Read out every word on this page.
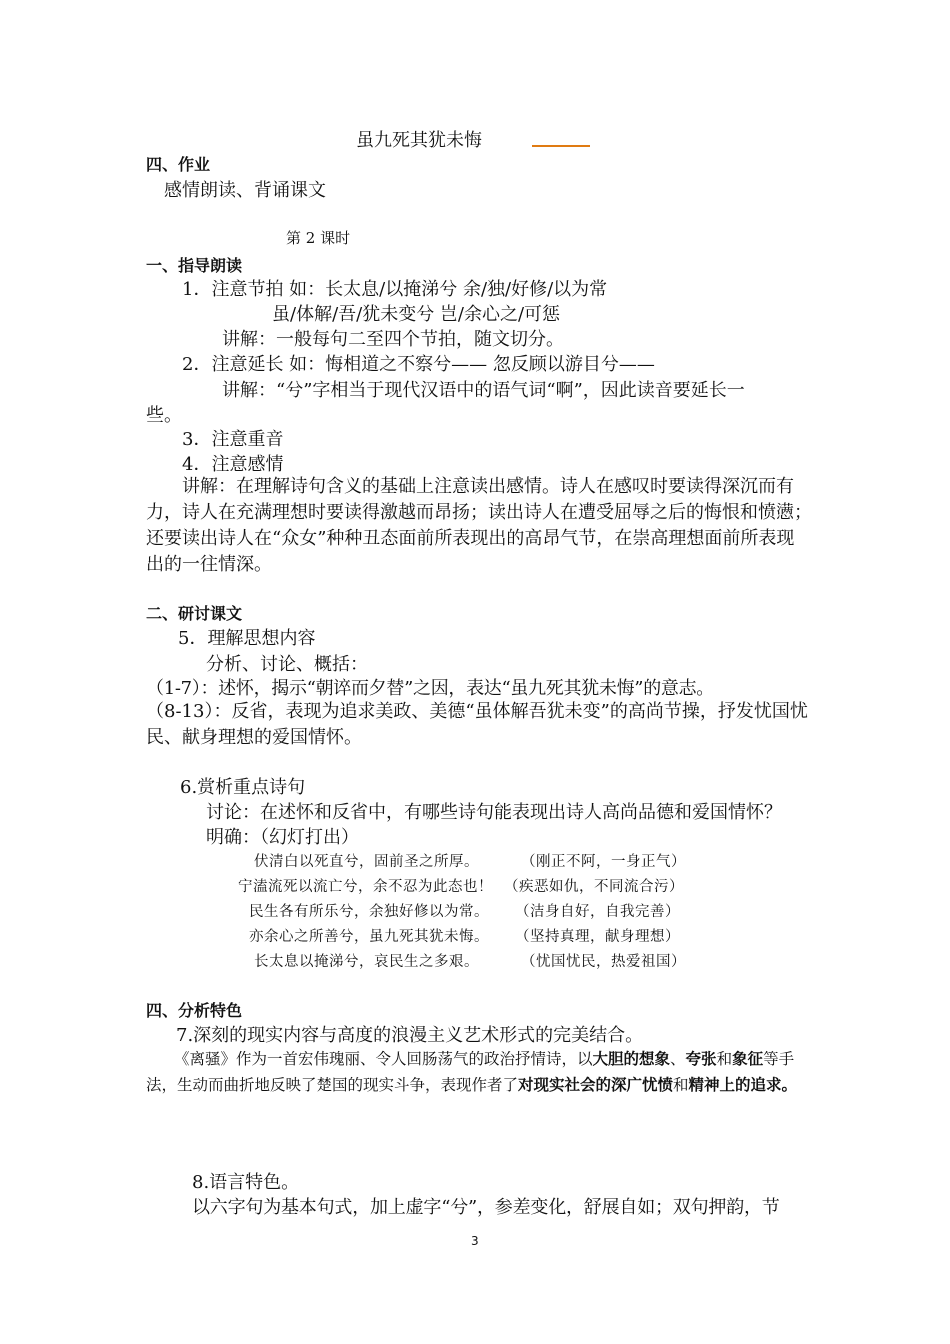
虽九死其犹未悔
四、作业
感情朗读、背诵课文
第 2 课时
一、指导朗读
1．注意节拍 如：长太息/以掩涕兮 余/独/好修/以为常
虽/体解/吾/犹未变兮 岂/余心之/可惩
讲解：一般每句二至四个节拍，随文切分。
2．注意延长 如：悔相道之不察兮—— 忽反顾以游目兮——
讲解：“兮”字相当于现代汉语中的语气词“啊”，因此读音要延长一
些。
3．注意重音
4．注意感情
讲解：在理解诗句含义的基础上注意读出感情。诗人在感叹时要读得深沉而有力，诗人在充满理想时要读得激越而昂扬；读出诗人在遭受屈辱之后的悔恨和愤懑；还要读出诗人在“众女”种种丑态面前所表现出的高昂气节，在崇高理想面前所表现出的一往情深。
二、研讨课文
5．理解思想内容
分析、讨论、概括：
（1-7）：述怀，揭示“朝谇而夕替”之因，表达“虽九死其犹未悔”的意志。
（8-13）：反省，表现为追求美政、美德“虽体解吾犹未变”的高尚节操，抒发忧国忧民、献身理想的爱国情怀。
6.赏析重点诗句
讨论：在述怀和反省中，有哪些诗句能表现出诗人高尚品德和爱国情怀？
明确：（幻灯打出）
伏清白以死直兮，固前圣之所厚。	（刚正不阿，一身正气）
宁溘流死以流亡兮，余不忍为此态也！ （疾恶如仇，不同流合污）
民生各有所乐兮，余独好修以为常。 （洁身自好，自我完善）
亦余心之所善兮，虽九死其犹未悔。 （坚持真理，献身理想）
长太息以掩涕兮，哀民生之多艰。	（忧国忧民，热爱祖国）
四、分析特色
7.深刻的现实内容与高度的浪漫主义艺术形式的完美结合。
《离骚》作为一首宏伟瑰丽、令人回肠荡气的政治抒情诗，以大胆的想象、夸张和象征等手法，生动而曲折地反映了楚国的现实斗争，表现作者了对现实社会的深广忧愤和精神上的追求。
8.语言特色。
以六字句为基本句式，加上虚字“兮”，参差变化，舒展自如；双句押韵，节
3
